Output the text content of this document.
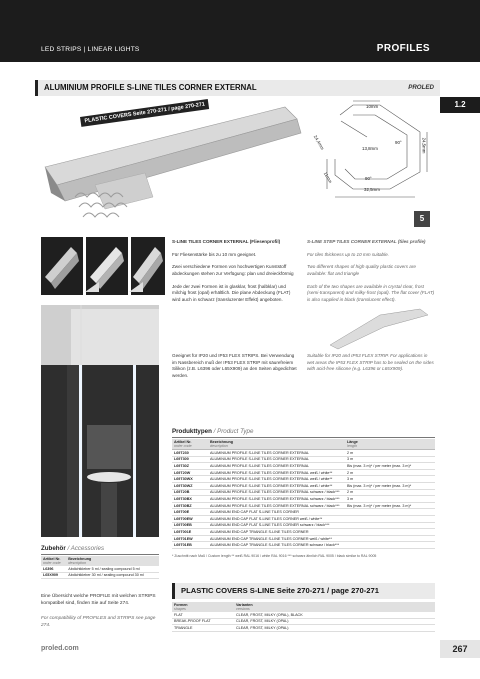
LED STRIPS | LINEAR LIGHTS	PROFILES
ALUMINIUM PROFILE S-LINE TILES CORNER EXTERNAL	PROLED
1.2
PLASTIC COVERS Seite 270-271 / page 270-271	10mm
24,4mm	13,8mm
90°	24,5mm
11mm	90°
32,5mm
5

S-LINE TILES CORNER EXTERNAL (Fliesenprofil)

Für Fliesenstärke bis zu 10 mm geeignet.

Zwei verschiedene Formen von hochwertigen Kunststoff abdeckungen stehen zur Verfügung: plan und dreieckförmig

Jede der zwei Formen ist in glasklar, frost (halbklar) und milchig frost (opal) erhältlich. Die plane Abdeckung (FLAT) wird auch in schwarz (transluzenter Effekt) angeboten.

S-LINE STEP TILES CORNER EXTERNAL (tiles profile)

For tiles thickness up to 10 mm suitable.

Two different shapes of high quality plastic covers are available: flat and triangle

Each of the two shapes are available in crystal clear, frost (semi-transparent) and milky-frost (opal). The flat cover (FLAT) is also supplied in black (translucent effect).

Geeignet für IP20 und IP53 FLEX STRIPS. Bei Verwendung im Nassbereich muß der IP53 FLEX STRIP mit säurefreiem Silikon (z.B. L6396 oder L65X909) an den Seiten abgedichtet werden.
Suitable for IP20 and IP53 FLEX STRIP. For applications in wet areas the IP53 FLEX STRIP has to be sealed on the sides with acid-free silicone (e.g. L6396 or L65X909).
Produkttypen / Product Type
Artikel Nr.
order code	Bezeichnung
description	Länge
length

L69T230	ALUMINIUM PROFILE S-LINE TILES CORNER EXTERNAL	2 m
L69T300	ALUMINIUM PROFILE S-LINE TILES CORNER EXTERNAL	3 m
L69T30Z	ALUMINIUM PROFILE S-LINE TILES CORNER EXTERNAL	Bis (max. 3 m)* / per meter (max. 3 m)*
L69T20W	ALUMINIUM PROFILE S-LINE TILES CORNER EXTERNAL weiß / white**	2 m
L69T30WX	ALUMINIUM PROFILE S-LINE TILES CORNER EXTERNAL weiß / white**	3 m
L69T30WZ	ALUMINIUM PROFILE S-LINE TILES CORNER EXTERNAL weiß / white**	Bis (max. 3 m)* / per meter (max. 3 m)*
L69T20B	ALUMINIUM PROFILE S-LINE TILES CORNER EXTERNAL schwarz / black***	2 m
L69T30BX	ALUMINIUM PROFILE S-LINE TILES CORNER EXTERNAL schwarz / black***	3 m
L69T30BZ	ALUMINIUM PROFILE S-LINE TILES CORNER EXTERNAL schwarz / black***	Bis (max. 3 m)* / per meter (max. 3 m)*
L69T00E	ALUMINIUM END CAP FLAT S-LINE TILES CORNER	
L69T00EW	ALUMINIUM END CAP FLAT S-LINE TILES CORNER weiß / white**	
L69T00EB	ALUMINIUM END CAP FLAT S-LINE TILES CORNER schwarz / black***	
L69T001E	ALUMINIUM END CAP TRIANGLE S-LINE TILES CORNER	
L69T01EW	ALUMINIUM END CAP TRIANGLE S-LINE TILES CORNER weiß / white**	
L69T01EB	ALUMINIUM END CAP TRIANGLE S-LINE TILES CORNER schwarz / black***	
* Zuschnitt nach Maß / Custom length ** weiß RAL 9016 / white RAL 9016 *** schwarz ähnlich RAL 9005 / black similar to RAL 9005
Zubehör / Accessories
Artikel Nr.
order code	Bezeichnung
description

L6396	Abdichtkleber 5 ml / sealing compound 5 ml
L65X909	Abdichtkleber 30 ml / sealing compound 30 ml
Eine Übersicht welche PROFILE mit welchen STRIPS kompatibel sind, finden Sie auf Seite 274.
For compatibility of PROFILES and STRIPS see page 274.
PLASTIC COVERS S-LINE Seite 270-271 / page 270-271
Formen
shapes	Varianten
versions

FLAT	CLEAR, FROST, MILKY (OPAL), BLACK
BREAK-PROOF FLAT	CLEAR, FROST, MILKY (OPAL)
TRIANGLE	CLEAR, FROST, MILKY (OPAL)
proled.com	267
